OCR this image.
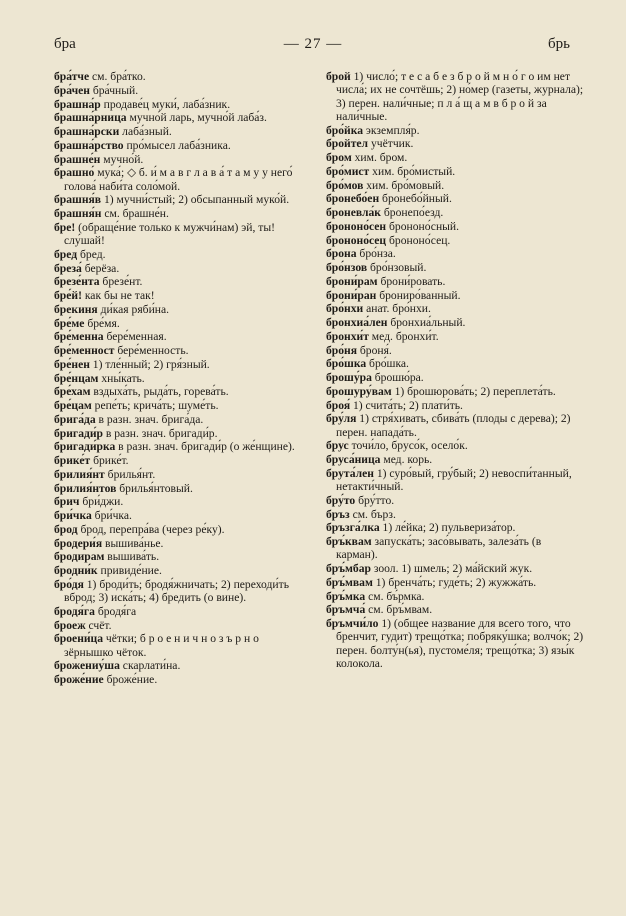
бра	— 27 —	брь
бра́тче см. бра́тко.
бра́чен бра́чный.
брашна́р продаве́ц муки́, лаба́зник.
брашна́рница мучно́й ларь, мучно́й лаба́з.
брашна́рски лаба́зный.
брашна́рство про́мысел лаба́зника.
брашне́н мучно́й.
брашно́ мука́; ◇ б. и́ м а в г л а в а́ т а м у у него́ голова́ наби́та соло́мой.
брашня́в 1) мучни́стый; 2) обсыпанный муко́й.
брашня́н см. брашне́н.
бре! (обраще́ние только к мужчи́нам) эй, ты! слу́шай!
бред бред.
бреза́ берёза.
брезе́нта брезе́нт.
бре́й! как бы не так!
брекиня ди́кая ряби́на.
бре́ме бре́мя.
бре́менна бере́менная.
бре́менност бере́менность.
бре́нен 1) тле́нный; 2) гря́зный.
бре́нцам хны́кать.
бре́хам вздыха́ть, рыда́ть, горева́ть.
бре́цам репе́ть; крича́ть; шуме́ть.
брига́да в разн. знач. брига́да.
бригади́р в разн. знач. бригади́р.
бригади́рка в разн. знач. бригади́р (о же́нщине).
брике́т брике́т.
брилия́нт брилья́нт.
брилия́нтов брилья́нтовый.
брич бри́джи.
бри́чка бри́чка.
брод брод, перепра́ва (через ре́ку).
бродери́я вышива́нье.
бродирам вышива́ть.
бродни́к привиде́ние.
бро́дя 1) броди́ть; бродя́жничать; 2) переходи́ть вброд; 3) иска́ть; 4) бредить (о вине).
бродя́га бродя́га
броеж счёт.
броени́ца чётки; б р о е н и ч н о з ъ р н о зёрнышко чёток.
брожениу́ша скарлати́на.
броже́ние броже́ние.
брой 1) число́; т е с а б е з б р о й м н о́ г о им нет числа́; их не сочтёшь; 2) но́мер (газеты, журнала); 3) перен. нали́чные; п л а́ щ а м в б р о й за нали́чные.
бро́йка экземпля́р.
бройтел учётчик.
бром хим. бром.
бро́мист хим. бро́мистый.
бро́мов хим. бро́мовый.
бронебо́ен бронебо́йный.
броневла́к бронепо́езд.
брононо́сен брононо́сный.
брононо́сец брононо́сец.
брона бро́нза.
бро́нзов бро́нзовый.
брони́рам брони́ровать.
брони́ран брониро́ванный.
бро́нхи анат. бро́нхи.
бронхиа́лен бронхиа́льный.
бронхи́т мед. бронхи́т.
бро́ня броня́.
бро́шка бро́шка.
брошу́ра брошю́ра.
брошуру́вам 1) брошюрова́ть; 2) переплета́ть.
броя́ 1) счита́ть; 2) плати́ть.
бру́ля 1) стря́хивать, сбива́ть (плоды с дерева); 2) перен. напада́ть.
брус точи́ло, брусо́к, осело́к.
бруса́ница мед. корь.
брута́лен 1) суро́вый, гру́бый; 2) невоспи́танный, нетакти́чный.
бру́то бру́тто.
бръз см. бърз.
бръзга́лка 1) ле́йка; 2) пульвериза́тор.
бръ́квам запуска́ть; засо́вывать, залеза́ть (в карман).
бръ́мбар зоол. 1) шмель; 2) ма́йский жук.
бръ́мвам 1) бренча́ть; гуде́ть; 2) жужжа́ть.
бръ́мка см. бъ́рмка.
бръмча́ см. бръ́мвам.
бръмчи́ло 1) (общее название для всего того, что бренчит, гудит) трещо́тка; побряку́шка; волчо́к; 2) перен. болту́н(ья), пустоме́ля; трещо́тка; 3) язы́к колокола.
